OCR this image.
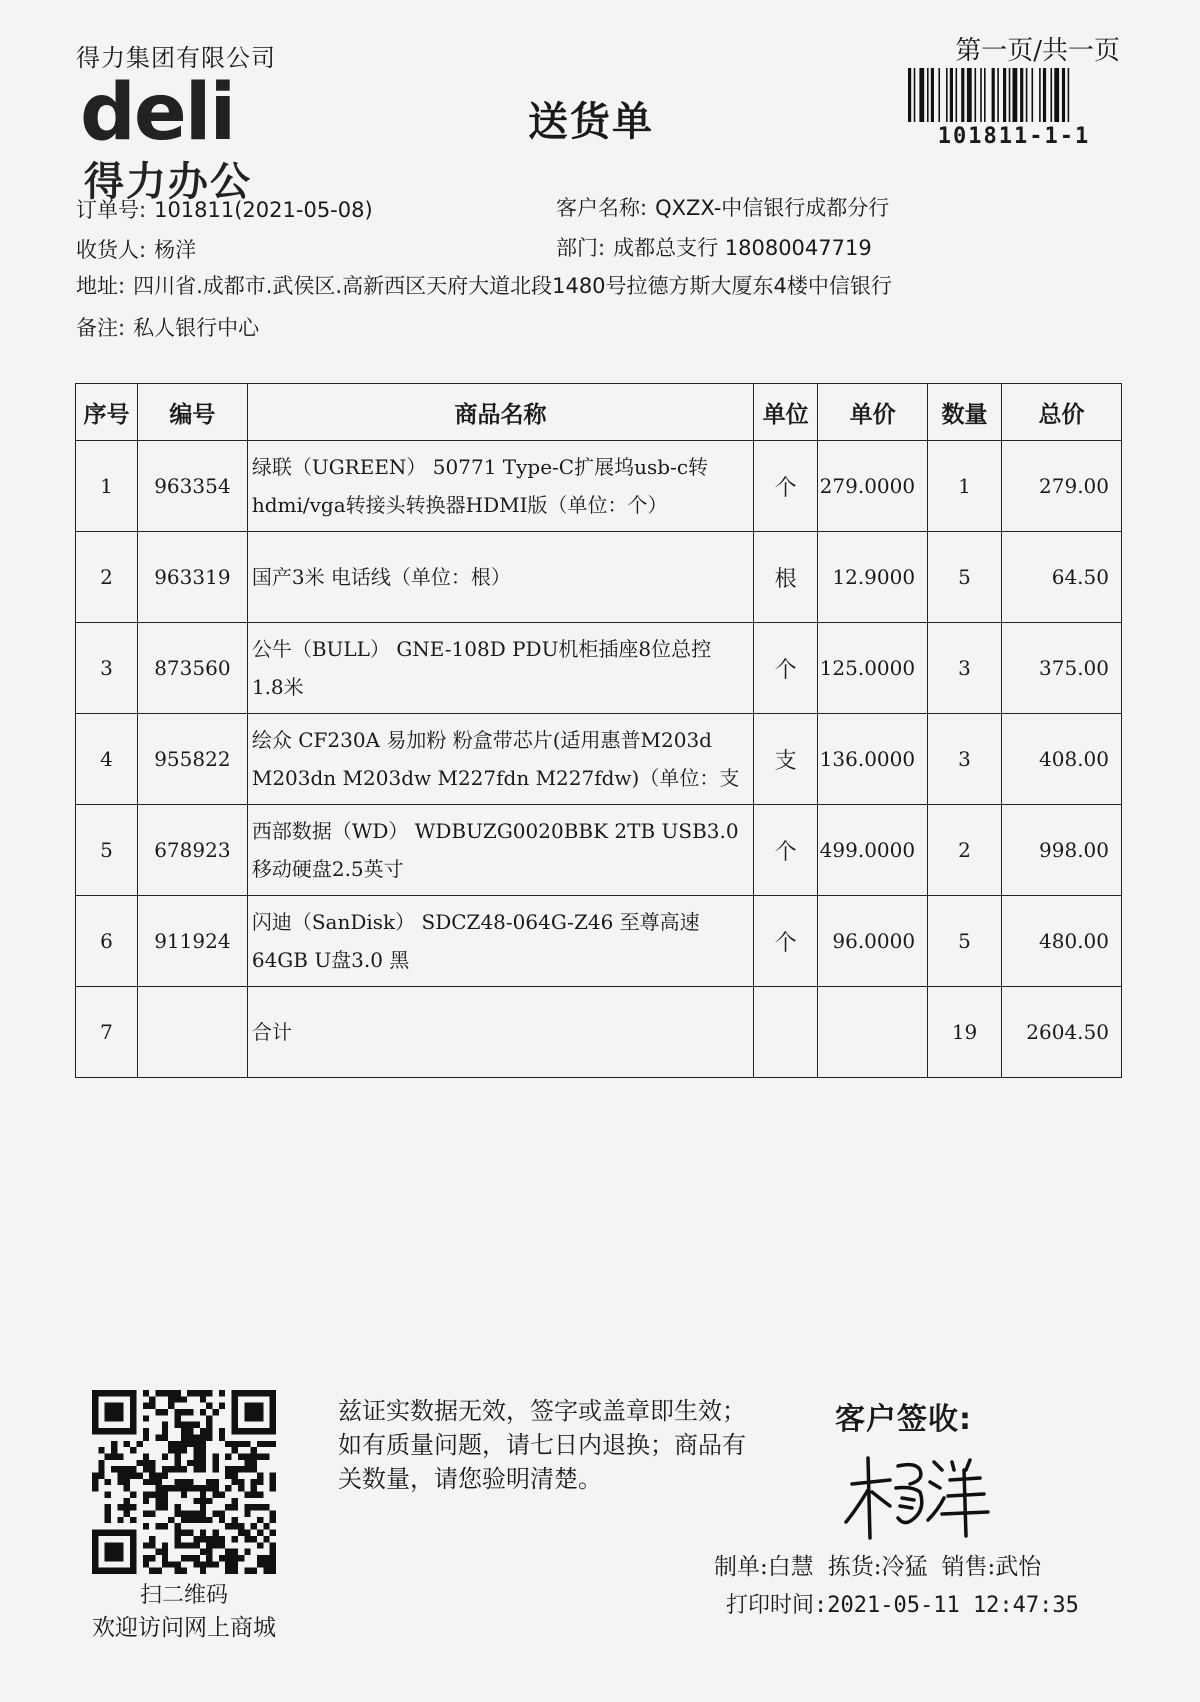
得力集团有限公司
deli
得力办公
送货单
第一页/共一页
101811-1-1
订单号: 101811(2021-05-08)	客户名称: QXZX-中信银行成都分行
收货人: 杨洋	部门: 成都总支行 18080047719
地址: 四川省.成都市.武侯区.高新西区天府大道北段1480号拉德方斯大厦东4楼中信银行
备注: 私人银行中心
序号	编号	商品名称	单位	单价	数量	总价
1	963354	绿联（UGREEN） 50771 Type-C扩展坞usb-c转
hdmi/vga转接头转换器HDMI版（单位：个）	个	279.0000	1	279.00
2	963319	国产3米 电话线（单位：根）	根	12.9000	5	64.50
3	873560	公牛（BULL） GNE-108D PDU机柜插座8位总控
1.8米	个	125.0000	3	375.00
4	955822	绘众 CF230A 易加粉 粉盒带芯片(适用惠普M203d
M203dn M203dw M227fdn M227fdw)（单位：支	支	136.0000	3	408.00
5	678923	西部数据（WD） WDBUZG0020BBK 2TB USB3.0
移动硬盘2.5英寸	个	499.0000	2	998.00
6	911924	闪迪（SanDisk） SDCZ48-064G-Z46 至尊高速
64GB U盘3.0 黑	个	96.0000	5	480.00
7		合计			19	2604.50
扫二维码
欢迎访问网上商城
兹证实数据无效，签字或盖章即生效；如有质量问题，请七日内退换；商品有关数量，请您验明清楚。
客户签收:
制单:白慧 拣货:冷猛 销售:武怡
打印时间:2021-05-11 12:47:35
